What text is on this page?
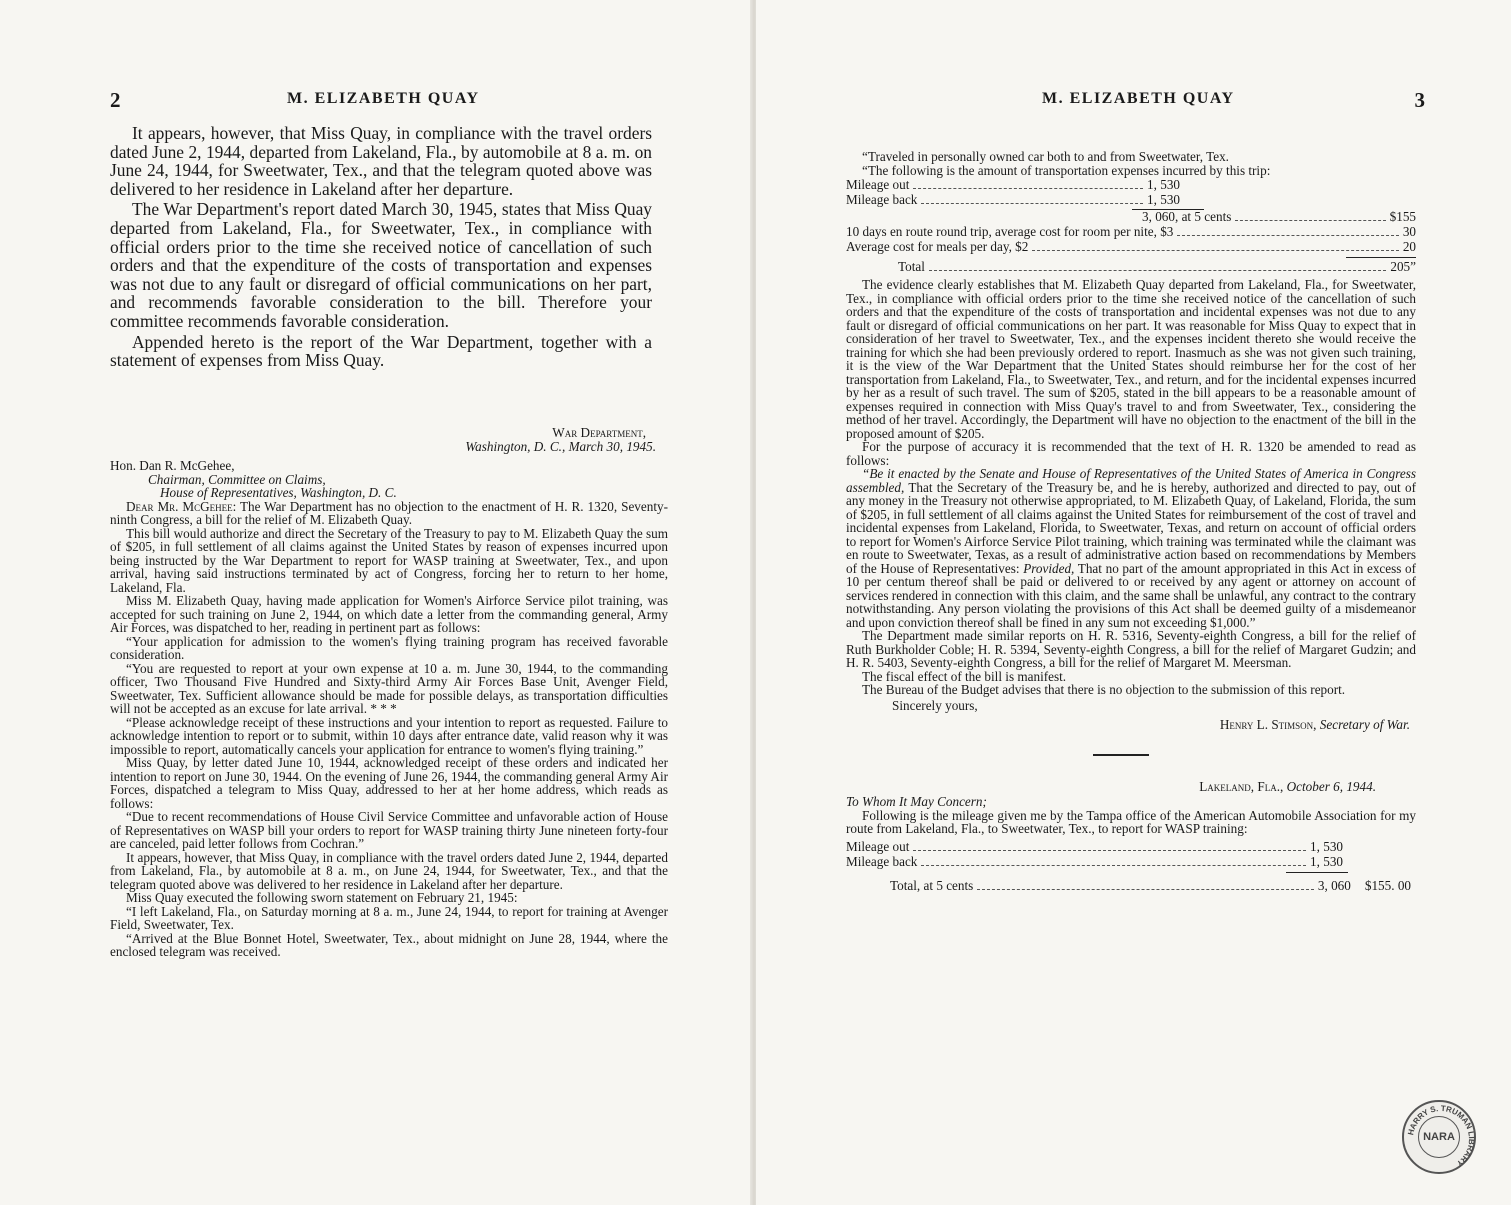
2	M. ELIZABETH QUAY

It appears, however, that Miss Quay, in compliance with the travel orders dated June 2, 1944, departed from Lakeland, Fla., by automobile at 8 a. m. on June 24, 1944, for Sweetwater, Tex., and that the telegram quoted above was delivered to her residence in Lakeland after her departure.

The War Department's report dated March 30, 1945, states that Miss Quay departed from Lakeland, Fla., for Sweetwater, Tex., in compliance with official orders prior to the time she received notice of cancellation of such orders and that the expenditure of the costs of transportation and expenses was not due to any fault or disregard of official communications on her part, and recommends favorable consideration to the bill. Therefore your committee recommends favorable consideration.

Appended hereto is the report of the War Department, together with a statement of expenses from Miss Quay.

War Department,
Washington, D. C., March 30, 1945.

Hon. Dan R. McGehee,

Chairman, Committee on Claims,

House of Representatives, Washington, D. C.

Dear Mr. McGehee: The War Department has no objection to the enactment of H. R. 1320, Seventy-ninth Congress, a bill for the relief of M. Elizabeth Quay.

This bill would authorize and direct the Secretary of the Treasury to pay to M. Elizabeth Quay the sum of $205, in full settlement of all claims against the United States by reason of expenses incurred upon being instructed by the War Department to report for WASP training at Sweetwater, Tex., and upon arrival, having said instructions terminated by act of Congress, forcing her to return to her home, Lakeland, Fla.

Miss M. Elizabeth Quay, having made application for Women's Airforce Service pilot training, was accepted for such training on June 2, 1944, on which date a letter from the commanding general, Army Air Forces, was dispatched to her, reading in pertinent part as follows:

“Your application for admission to the women's flying training program has received favorable consideration.

“You are requested to report at your own expense at 10 a. m. June 30, 1944, to the commanding officer, Two Thousand Five Hundred and Sixty-third Army Air Forces Base Unit, Avenger Field, Sweetwater, Tex. Sufficient allowance should be made for possible delays, as transportation difficulties will not be accepted as an excuse for late arrival. * * *

“Please acknowledge receipt of these instructions and your intention to report as requested. Failure to acknowledge intention to report or to submit, within 10 days after entrance date, valid reason why it was impossible to report, automatically cancels your application for entrance to women's flying training.”

Miss Quay, by letter dated June 10, 1944, acknowledged receipt of these orders and indicated her intention to report on June 30, 1944. On the evening of June 26, 1944, the commanding general Army Air Forces, dispatched a telegram to Miss Quay, addressed to her at her home address, which reads as follows:

“Due to recent recommendations of House Civil Service Committee and unfavorable action of House of Representatives on WASP bill your orders to report for WASP training thirty June nineteen forty-four are canceled, paid letter follows from Cochran.”

It appears, however, that Miss Quay, in compliance with the travel orders dated June 2, 1944, departed from Lakeland, Fla., by automobile at 8 a. m., on June 24, 1944, for Sweetwater, Tex., and that the telegram quoted above was delivered to her residence in Lakeland after her departure.

Miss Quay executed the following sworn statement on February 21, 1945:

“I left Lakeland, Fla., on Saturday morning at 8 a. m., June 24, 1944, to report for training at Avenger Field, Sweetwater, Tex.

“Arrived at the Blue Bonnet Hotel, Sweetwater, Tex., about midnight on June 28, 1944, where the enclosed telegram was received.

M. ELIZABETH QUAY	3

“Traveled in personally owned car both to and from Sweetwater, Tex.

“The following is the amount of transportation expenses incurred by this trip:

Mileage out	1, 530
Mileage back	1, 530
3, 060, at 5 cents	$155
10 days en route round trip, average cost for room per nite, $3	30
Average cost for meals per day, $2	20
Total	205”

The evidence clearly establishes that M. Elizabeth Quay departed from Lakeland, Fla., for Sweetwater, Tex., in compliance with official orders prior to the time she received notice of the cancellation of such orders and that the expenditure of the costs of transportation and incidental expenses was not due to any fault or disregard of official communications on her part. It was reasonable for Miss Quay to expect that in consideration of her travel to Sweetwater, Tex., and the expenses incident thereto she would receive the training for which she had been previously ordered to report. Inasmuch as she was not given such training, it is the view of the War Department that the United States should reimburse her for the cost of her transportation from Lakeland, Fla., to Sweetwater, Tex., and return, and for the incidental expenses incurred by her as a result of such travel. The sum of $205, stated in the bill appears to be a reasonable amount of expenses required in connection with Miss Quay's travel to and from Sweetwater, Tex., considering the method of her travel. Accordingly, the Department will have no objection to the enactment of the bill in the proposed amount of $205.

For the purpose of accuracy it is recommended that the text of H. R. 1320 be amended to read as follows:

“Be it enacted by the Senate and House of Representatives of the United States of America in Congress assembled, That the Secretary of the Treasury be, and he is hereby, authorized and directed to pay, out of any money in the Treasury not otherwise appropriated, to M. Elizabeth Quay, of Lakeland, Florida, the sum of $205, in full settlement of all claims against the United States for reimbursement of the cost of travel and incidental expenses from Lakeland, Florida, to Sweetwater, Texas, and return on account of official orders to report for Women's Airforce Service Pilot training, which training was terminated while the claimant was en route to Sweetwater, Texas, as a result of administrative action based on recommendations by Members of the House of Representatives: Provided, That no part of the amount appropriated in this Act in excess of 10 per centum thereof shall be paid or delivered to or received by any agent or attorney on account of services rendered in connection with this claim, and the same shall be unlawful, any contract to the contrary notwithstanding. Any person violating the provisions of this Act shall be deemed guilty of a misdemeanor and upon conviction thereof shall be fined in any sum not exceeding $1,000.”

The Department made similar reports on H. R. 5316, Seventy-eighth Congress, a bill for the relief of Ruth Burkholder Coble; H. R. 5394, Seventy-eighth Congress, a bill for the relief of Margaret Gudzin; and H. R. 5403, Seventy-eighth Congress, a bill for the relief of Margaret M. Meersman.

The fiscal effect of the bill is manifest.

The Bureau of the Budget advises that there is no objection to the submission of this report.

Sincerely yours,

Henry L. Stimson, Secretary of War.
Lakeland, Fla., October 6, 1944.

To Whom It May Concern;

Following is the mileage given me by the Tampa office of the American Automobile Association for my route from Lakeland, Fla., to Sweetwater, Tex., to report for WASP training:

Mileage out	1, 530
Mileage back	1, 530
Total, at 5 cents	3, 060 $155. 00
HARRY S. TRUMAN LIBRARY
NARA
